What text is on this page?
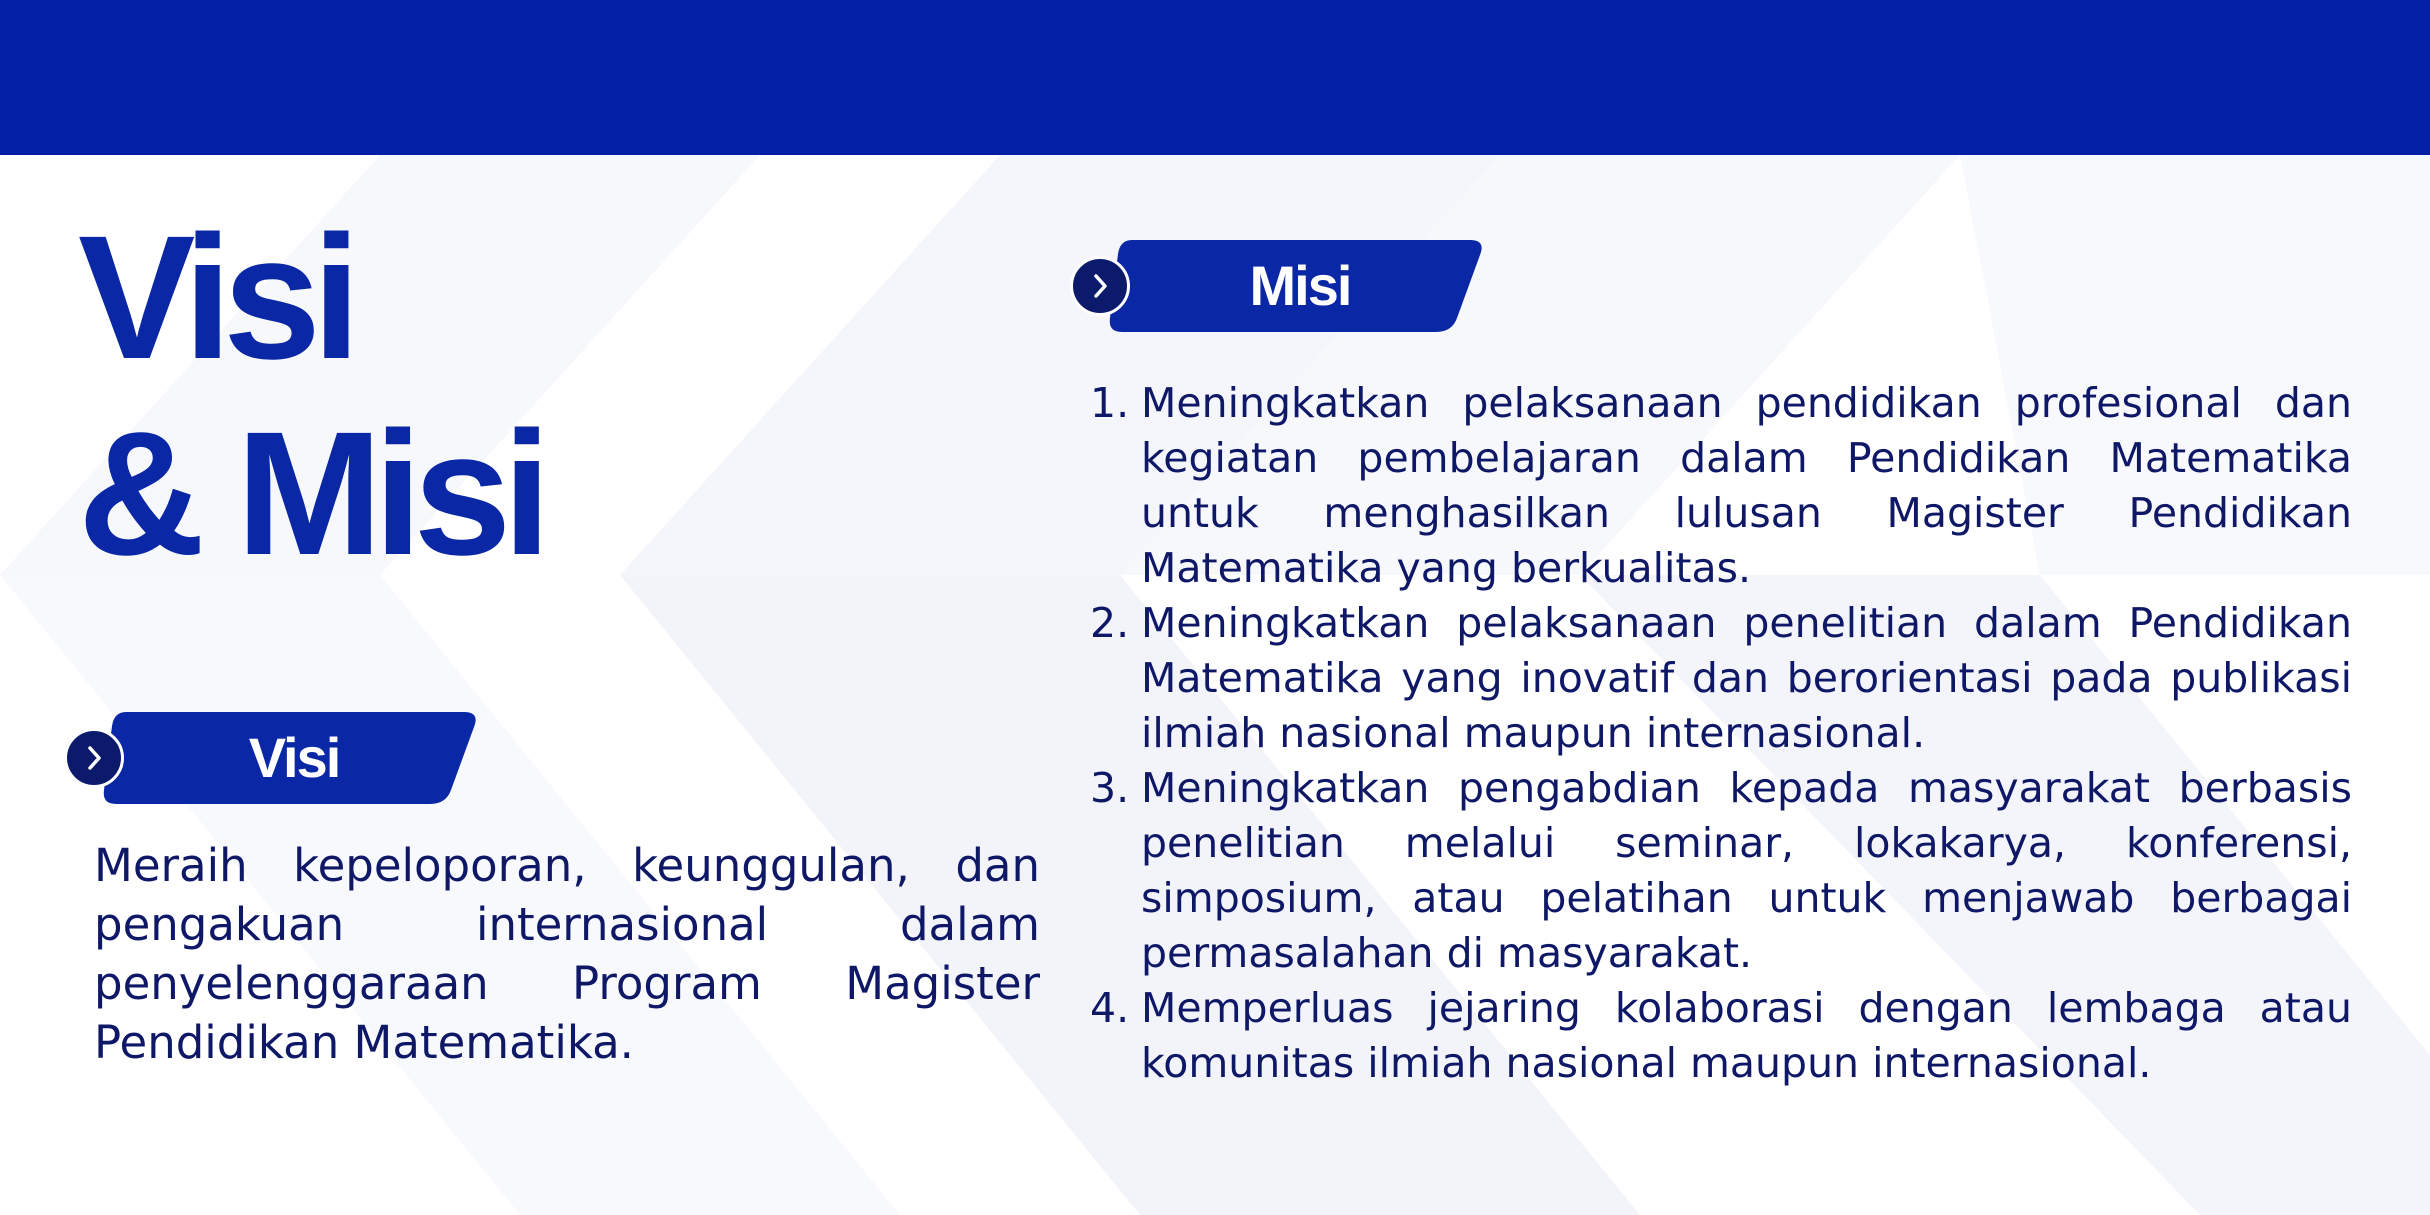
Visi
& Misi
Visi
Misi

Meraih kepeloporan, keunggulan, dan pengakuan internasional dalam penyelenggaraan Program Magister Pendidikan Matematika.

1. Meningkatkan pelaksanaan pendidikan profesional dan kegiatan pembelajaran dalam Pendidikan Matematika untuk menghasilkan lulusan Magister Pendidikan Matematika yang berkualitas.
2. Meningkatkan pelaksanaan penelitian dalam Pendidikan Matematika yang inovatif dan berorientasi pada publikasi ilmiah nasional maupun internasional.
3. Meningkatkan pengabdian kepada masyarakat berbasis penelitian melalui seminar, lokakarya, konferensi, simposium, atau pelatihan untuk menjawab berbagai permasalahan di masyarakat.
4. Memperluas jejaring kolaborasi dengan lembaga atau komunitas ilmiah nasional maupun internasional.
